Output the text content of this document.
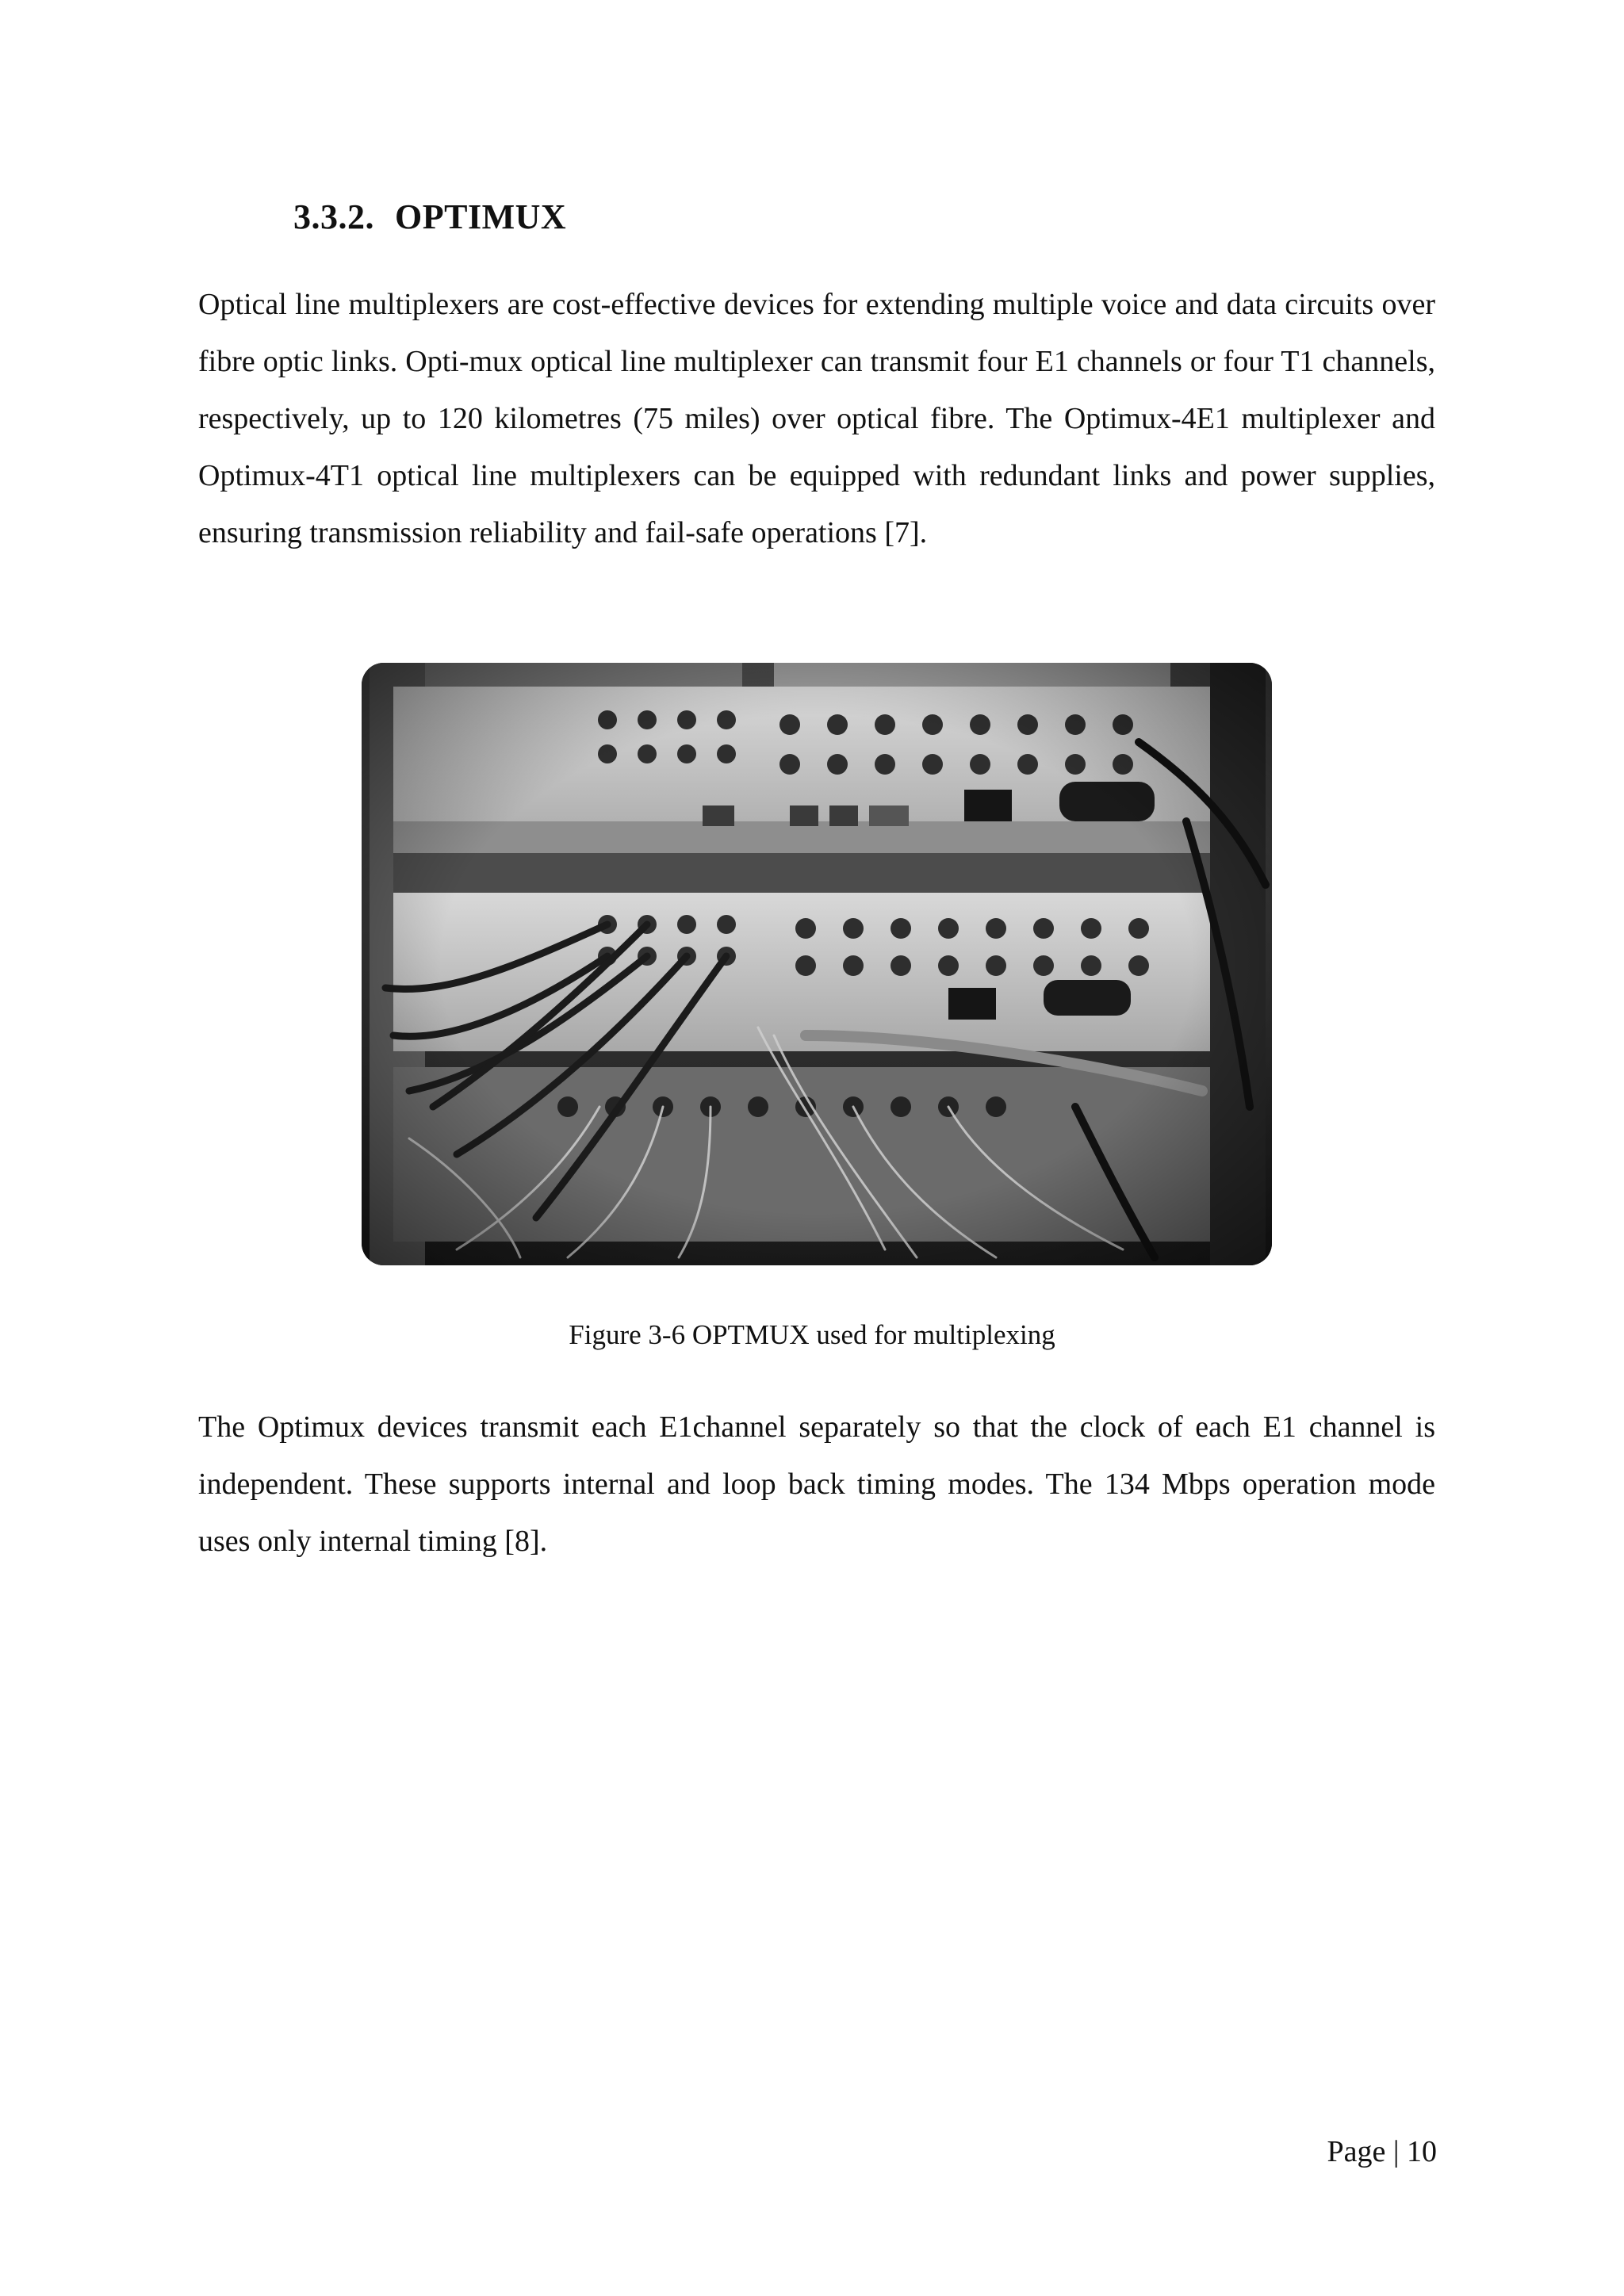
3.3.2. OPTIMUX

Optical line multiplexers are cost-effective devices for extending multiple voice and data circuits over fibre optic links. Opti-mux optical line multiplexer can transmit four E1 channels or four T1 channels, respectively, up to 120 kilometres (75 miles) over optical fibre. The Optimux-4E1 multiplexer and Optimux-4T1 optical line multiplexers can be equipped with redundant links and power supplies, ensuring transmission reliability and fail-safe operations [7].

Figure 3-6 OPTMUX used for multiplexing

The Optimux devices transmit each E1channel separately so that the clock of each E1 channel is independent. These supports internal and loop back timing modes. The 134 Mbps operation mode uses only internal timing [8].

Page | 10
